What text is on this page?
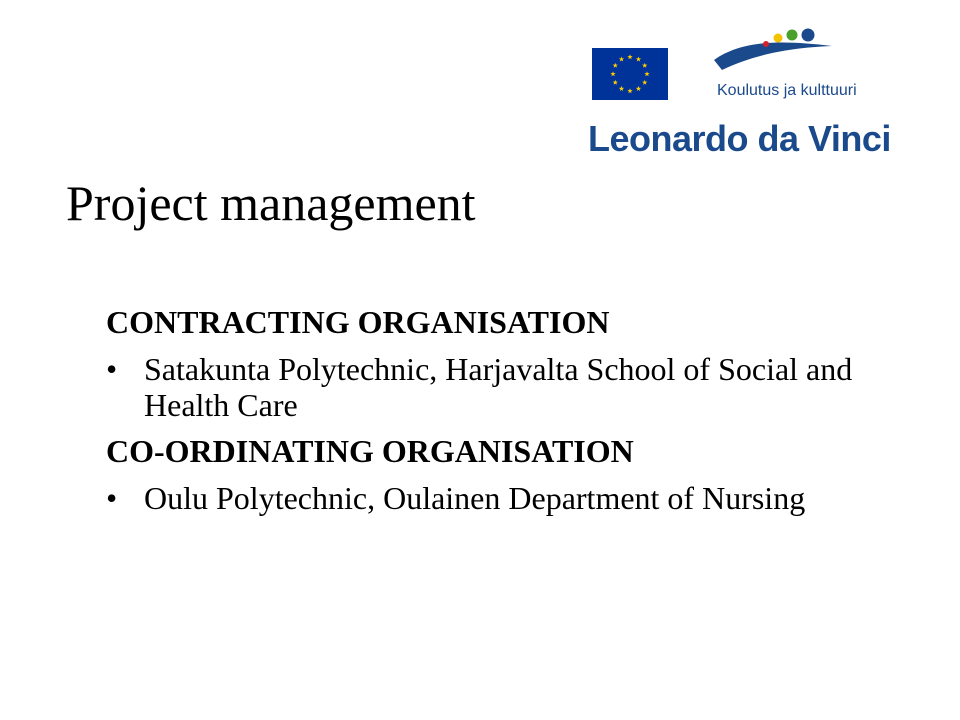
Koulutus ja kulttuuri

Leonardo da Vinci

Project management

CONTRACTING ORGANISATION

• Satakunta Polytechnic, Harjavalta School of Social and Health Care

CO-ORDINATING ORGANISATION

• Oulu Polytechnic, Oulainen Department of Nursing
